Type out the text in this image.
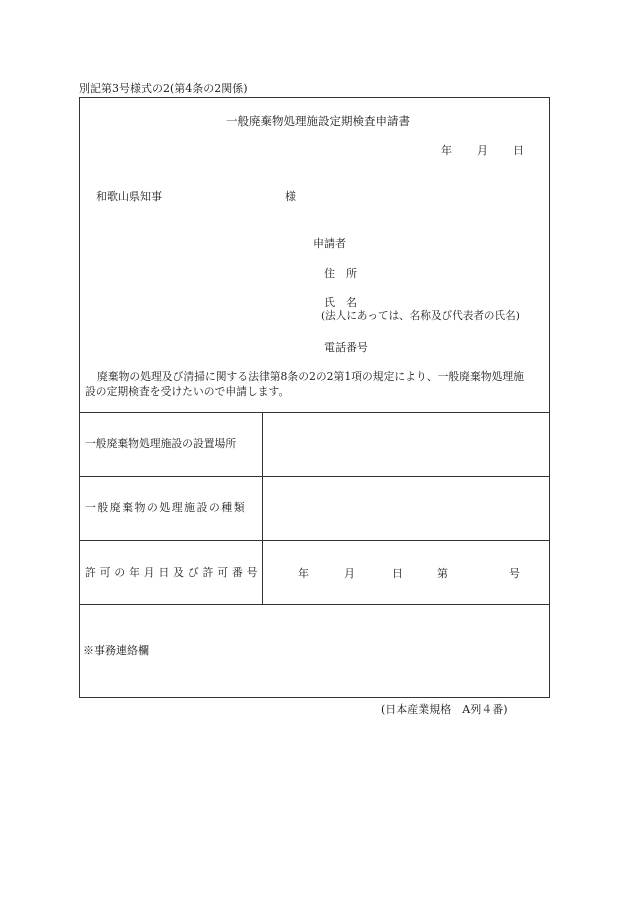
別記第3号様式の2(第4条の2関係)
一般廃棄物処理施設定期検査申請書
年 月 日
和歌山県知事	様
申請者
住　所
氏　名
(法人にあっては、名称及び代表者の氏名)
電話番号
廃棄物の処理及び清掃に関する法律第8条の2の2第1項の規定により、一般廃棄物処理施
設の定期検査を受けたいので申請します。
一般廃棄物処理施設の設置場所
一般廃棄物の処理施設の種類
許可の年月日及び許可番号	年	月	日	第	号
※事務連絡欄
(日本産業規格　A列４番)
